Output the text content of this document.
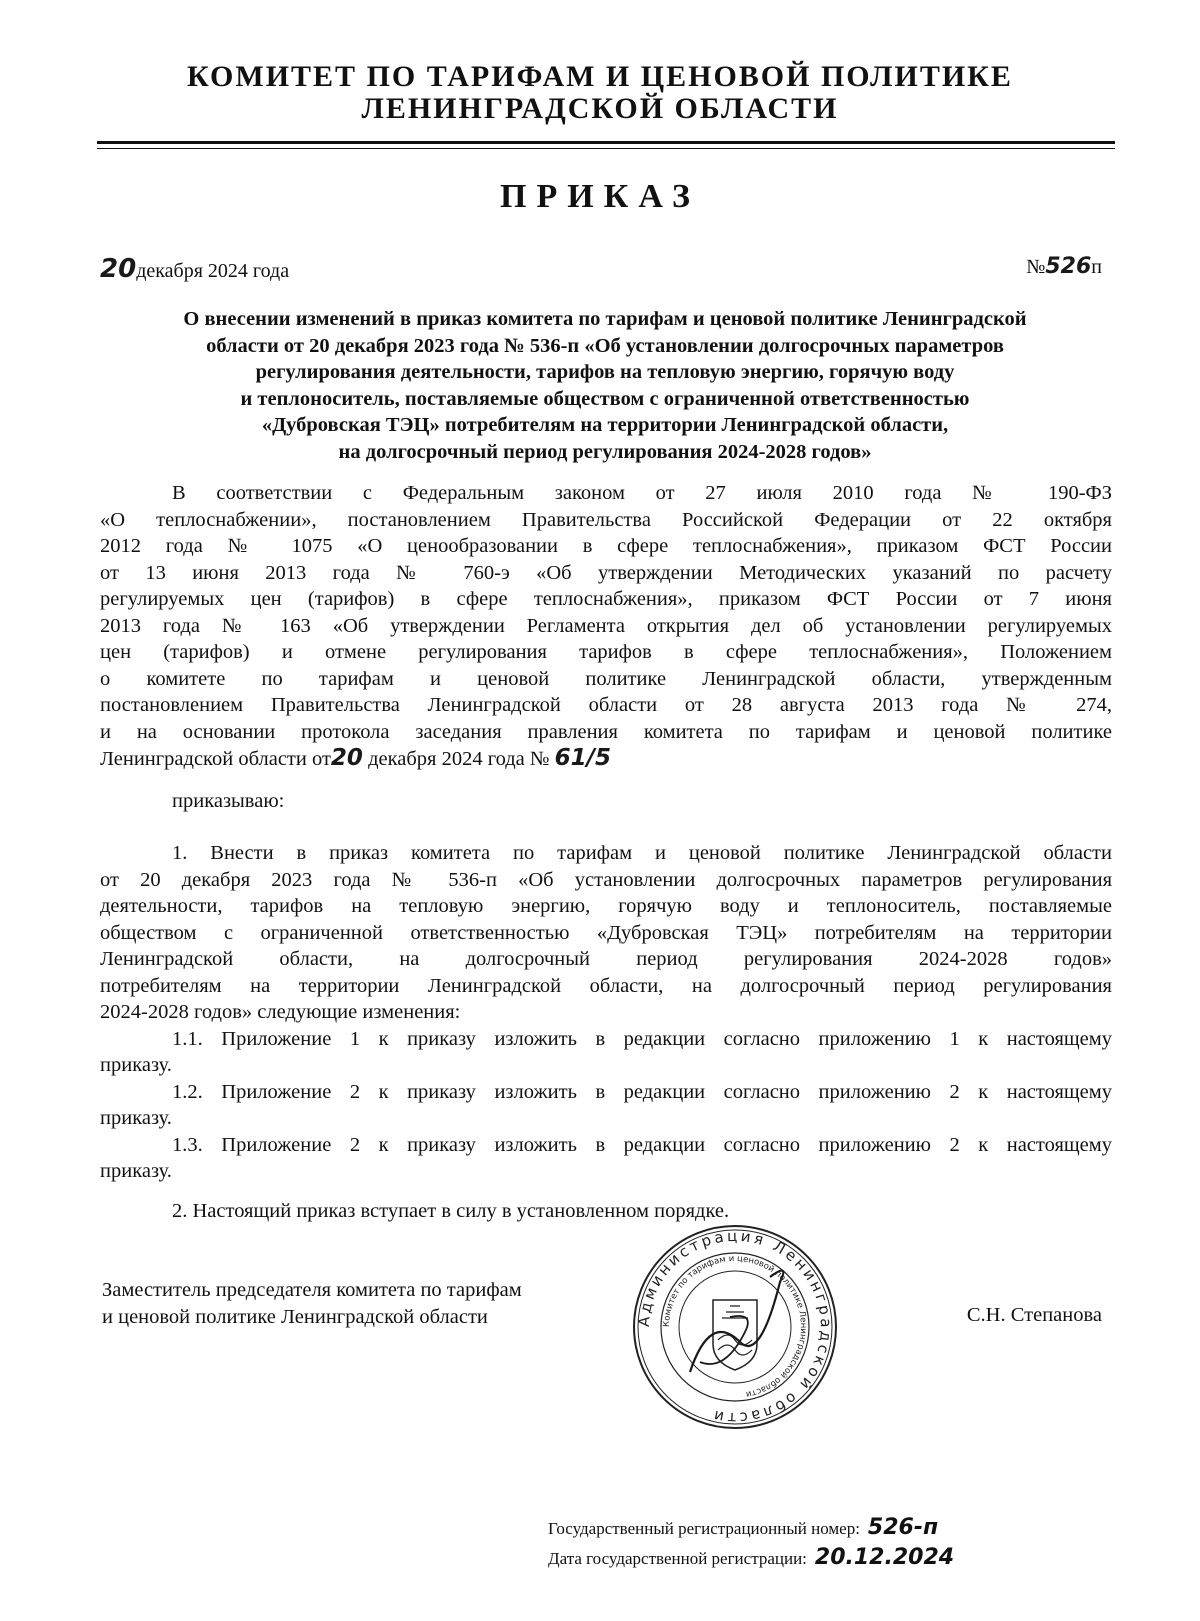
КОМИТЕТ ПО ТАРИФАМ И ЦЕНОВОЙ ПОЛИТИКЕ
ЛЕНИНГРАДСКОЙ ОБЛАСТИ
ПРИКАЗ
20декабря 2024 года	№526п
О внесении изменений в приказ комитета по тарифам и ценовой политике Ленинградской
области от 20 декабря 2023 года № 536-п «Об установлении долгосрочных параметров
регулирования деятельности, тарифов на тепловую энергию, горячую воду
и теплоноситель, поставляемые обществом с ограниченной ответственностью
«Дубровская ТЭЦ» потребителям на территории Ленинградской области,
на долгосрочный период регулирования 2024-2028 годов»
В соответствии с Федеральным законом от 27 июля 2010 года № 190-ФЗ
«О теплоснабжении», постановлением Правительства Российской Федерации от 22 октября
2012 года № 1075 «О ценообразовании в сфере теплоснабжения», приказом ФСТ России
от 13 июня 2013 года № 760-э «Об утверждении Методических указаний по расчету
регулируемых цен (тарифов) в сфере теплоснабжения», приказом ФСТ России от 7 июня
2013 года № 163 «Об утверждении Регламента открытия дел об установлении регулируемых
цен (тарифов) и отмене регулирования тарифов в сфере теплоснабжения», Положением
о комитете по тарифам и ценовой политике Ленинградской области, утвержденным
постановлением Правительства Ленинградской области от 28 августа 2013 года № 274,
и на основании протокола заседания правления комитета по тарифам и ценовой политике
Ленинградской области от20 декабря 2024 года № 61/5
приказываю:
1. Внести в приказ комитета по тарифам и ценовой политике Ленинградской области
от 20 декабря 2023 года № 536-п «Об установлении долгосрочных параметров регулирования
деятельности, тарифов на тепловую энергию, горячую воду и теплоноситель, поставляемые
обществом с ограниченной ответственностью «Дубровская ТЭЦ» потребителям на территории
Ленинградской области, на долгосрочный период регулирования 2024-2028 годов»
потребителям на территории Ленинградской области, на долгосрочный период регулирования
2024-2028 годов» следующие изменения:
1.1. Приложение 1 к приказу изложить в редакции согласно приложению 1 к настоящему
приказу.
1.2. Приложение 2 к приказу изложить в редакции согласно приложению 2 к настоящему
приказу.
1.3. Приложение 2 к приказу изложить в редакции согласно приложению 2 к настоящему
приказу.
2. Настоящий приказ вступает в силу в установленном порядке.
Заместитель председателя комитета по тарифам
и ценовой политике Ленинградской области	С.Н. Степанова
Администрация Ленинградской области
Комитет по тарифам и ценовой политике Ленинградской области
Государственный регистрационный номер: 526-п
Дата государственной регистрации: 20.12.2024
